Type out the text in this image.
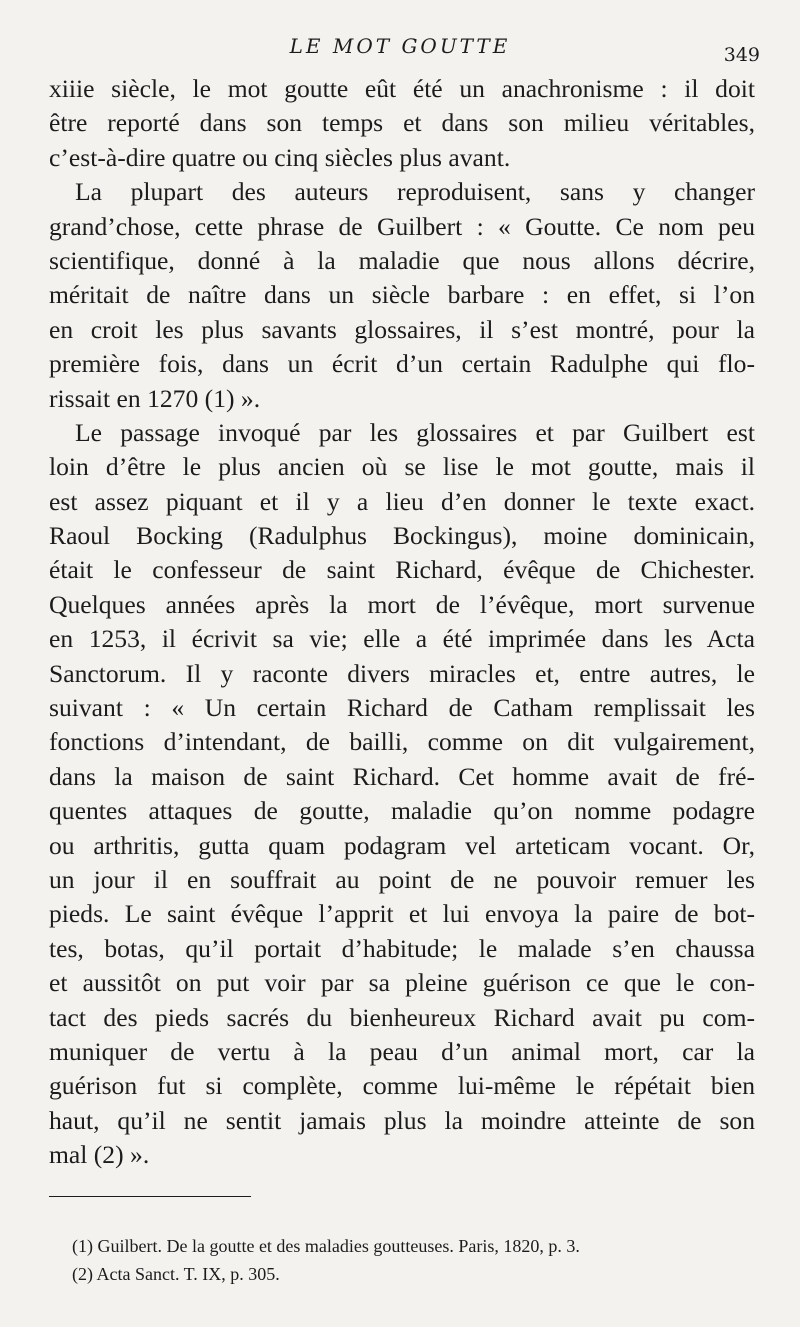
LE MOT GOUTTE	349
xiiie siècle, le mot goutte eût été un anachronisme : il doit
être reporté dans son temps et dans son milieu véritables,
c’est-à-dire quatre ou cinq siècles plus avant.
La plupart des auteurs reproduisent, sans y changer
grand’chose, cette phrase de Guilbert : « Goutte. Ce nom peu
scientifique, donné à la maladie que nous allons décrire,
méritait de naître dans un siècle barbare : en effet, si l’on
en croit les plus savants glossaires, il s’est montré, pour la
première fois, dans un écrit d’un certain Radulphe qui flo-
rissait en 1270 (1) ».
Le passage invoqué par les glossaires et par Guilbert est
loin d’être le plus ancien où se lise le mot goutte, mais il
est assez piquant et il y a lieu d’en donner le texte exact.
Raoul Bocking (Radulphus Bockingus), moine dominicain,
était le confesseur de saint Richard, évêque de Chichester.
Quelques années après la mort de l’évêque, mort survenue
en 1253, il écrivit sa vie; elle a été imprimée dans les Acta
Sanctorum. Il y raconte divers miracles et, entre autres, le
suivant : « Un certain Richard de Catham remplissait les
fonctions d’intendant, de bailli, comme on dit vulgairement,
dans la maison de saint Richard. Cet homme avait de fré-
quentes attaques de goutte, maladie qu’on nomme podagre
ou arthritis, gutta quam podagram vel arteticam vocant. Or,
un jour il en souffrait au point de ne pouvoir remuer les
pieds. Le saint évêque l’apprit et lui envoya la paire de bot-
tes, botas, qu’il portait d’habitude; le malade s’en chaussa
et aussitôt on put voir par sa pleine guérison ce que le con-
tact des pieds sacrés du bienheureux Richard avait pu com-
muniquer de vertu à la peau d’un animal mort, car la
guérison fut si complète, comme lui-même le répétait bien
haut, qu’il ne sentit jamais plus la moindre atteinte de son
mal (2) ».
(1) Guilbert. De la goutte et des maladies goutteuses. Paris, 1820, p. 3.
(2) Acta Sanct. T. IX, p. 305.
